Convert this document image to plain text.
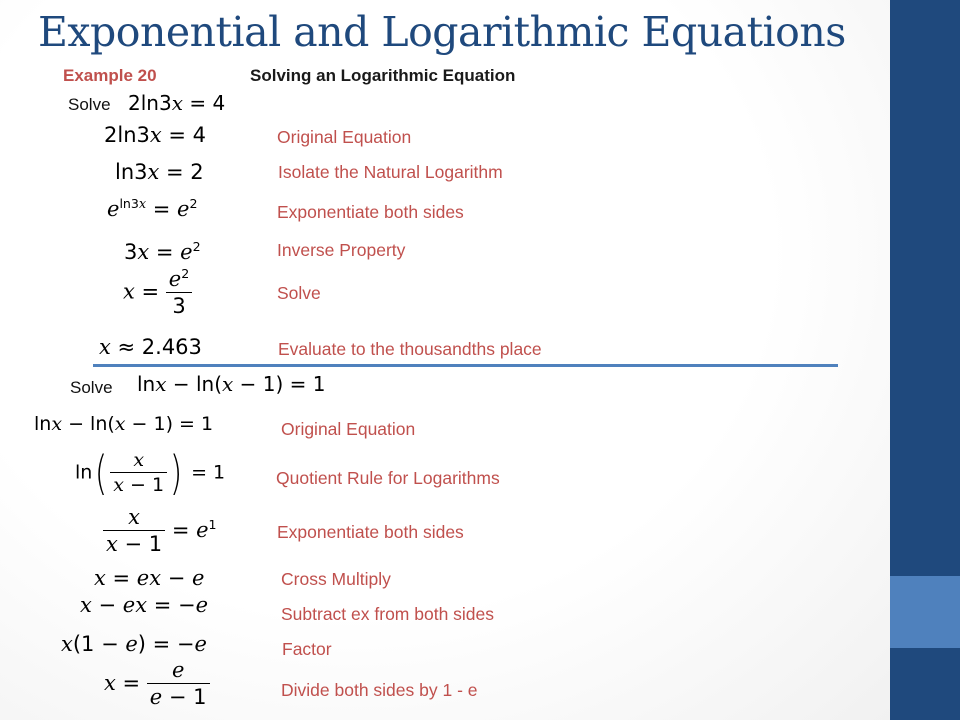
Exponential and Logarithmic Equations
Example 20	Solving an Logarithmic Equation
Solve 2ln3x = 4
2ln3x = 4	Original Equation
ln3x = 2	Isolate the Natural Logarithm
$e^{ln3x} = e^2$	Exponentiate both sides
$3x = e^2$	Inverse Property
$x = \frac{e^2}{3}$	Solve
x ≈ 2.463	Evaluate to the thousandths place
Solve lnx − ln(x − 1) = 1
lnx − ln(x − 1) = 1	Original Equation
$\ln( \frac{x}{x - 1}$ ) = 1	Quotient Rule for Logarithms
$\frac{x}{x - 1} = e^1$	Exponentiate both sides
x = ex − e	Cross Multiply
x − ex = −e	Subtract ex from both sides
x(1 − e) = −e	Factor
$x = \frac{e}{e - 1}$	Divide both sides by 1 - e
